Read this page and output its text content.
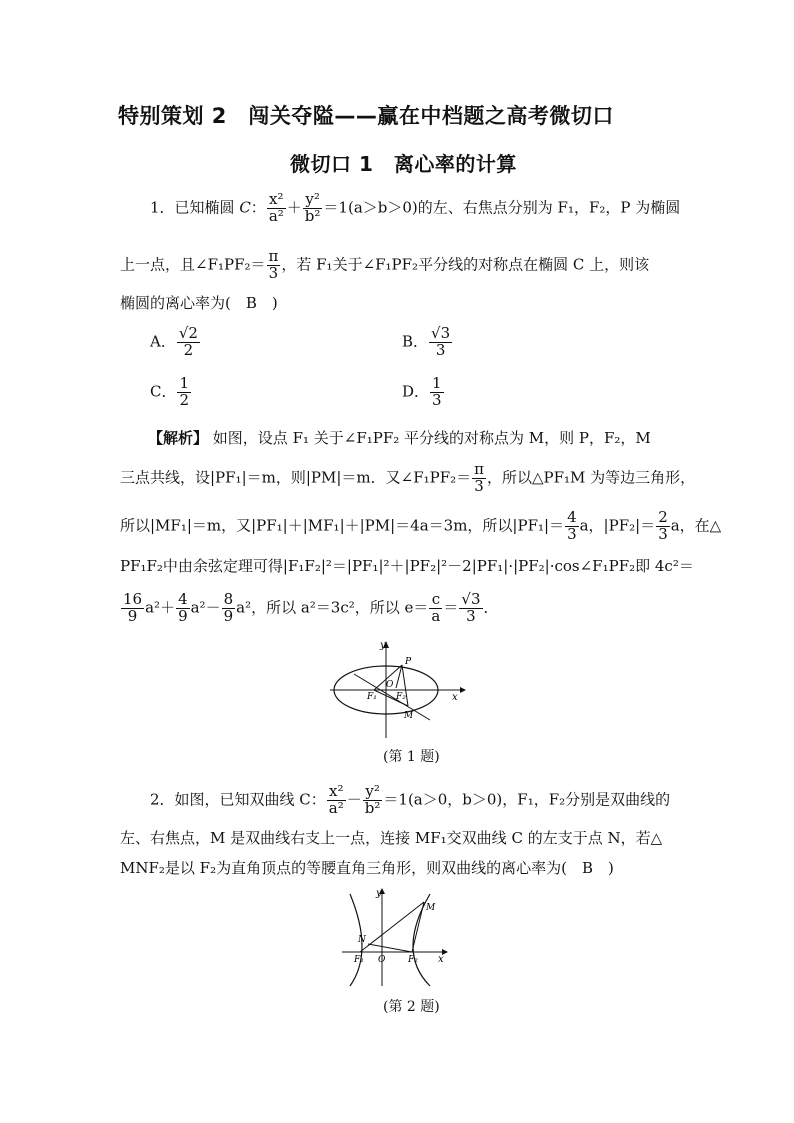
特别策划 2　闯关夺隘——赢在中档题之高考微切口
微切口 1　离心率的计算
1．已知椭圆 C： $\frac{\text{x²}}{\text{a²}} + \frac{\text{y²}}{\text{b²}} =1(a>b>0)$的左、右焦点分别为 F₁，F₂，P 为椭圆
上一点，且∠F₁PF₂＝ $\frac{\pi}{3}$ ，若 F₁关于∠F₁PF₂平分线的对称点在椭圆 C 上，则该
椭圆的离心率为(　B　)
A． $\frac{√2}{2}$	B． $\frac{√3}{3}$
C． $\frac{1}{2}$	D． $\frac{1}{3}$
【解析】 如图，设点 F₁ 关于∠F₁PF₂ 平分线的对称点为 M，则 P，F₂，M
三点共线，设|PF₁|＝m，则|PM|＝m．又∠F₁PF₂＝ $\frac{\pi}{3}$ ，所以△PF₁M 为等边三角形，
所以|MF₁|＝m，又|PF₁|＋|MF₁|＋|PM|＝4a＝3m，所以$|PF_1|= \frac{4}{3}$ a，$|PF_2|= \frac{2}{3}$ a，在△
PF₁F₂中由余弦定理可得|F₁F₂|²＝|PF₁|²＋|PF₂|²－2|PF₁|·|PF₂|·cos∠F₁PF₂即 4c²＝
$\frac{16}{9} a^2+ \frac{4}{9} a^2- \frac{8}{9} a^2$，所以 a²＝3c²，所以 $e= \frac{c}{a} = \frac{√3}{3}$ ．
y
x
P
O
F₁ F₂
M
(第 1 题)
2．如图，已知双曲线 C： $\frac{\text{x²}}{\text{a²}} - \frac{\text{y²}}{\text{b²}} =1(a>0$，b＞0)，F₁，F₂分别是双曲线的
左、右焦点，M 是双曲线右支上一点，连接 MF₁交双曲线 C 的左支于点 N，若△
MNF₂是以 F₂为直角顶点的等腰直角三角形，则双曲线的离心率为(　B　)
y
x
M
N
O
F₁	F₂
(第 2 题)
